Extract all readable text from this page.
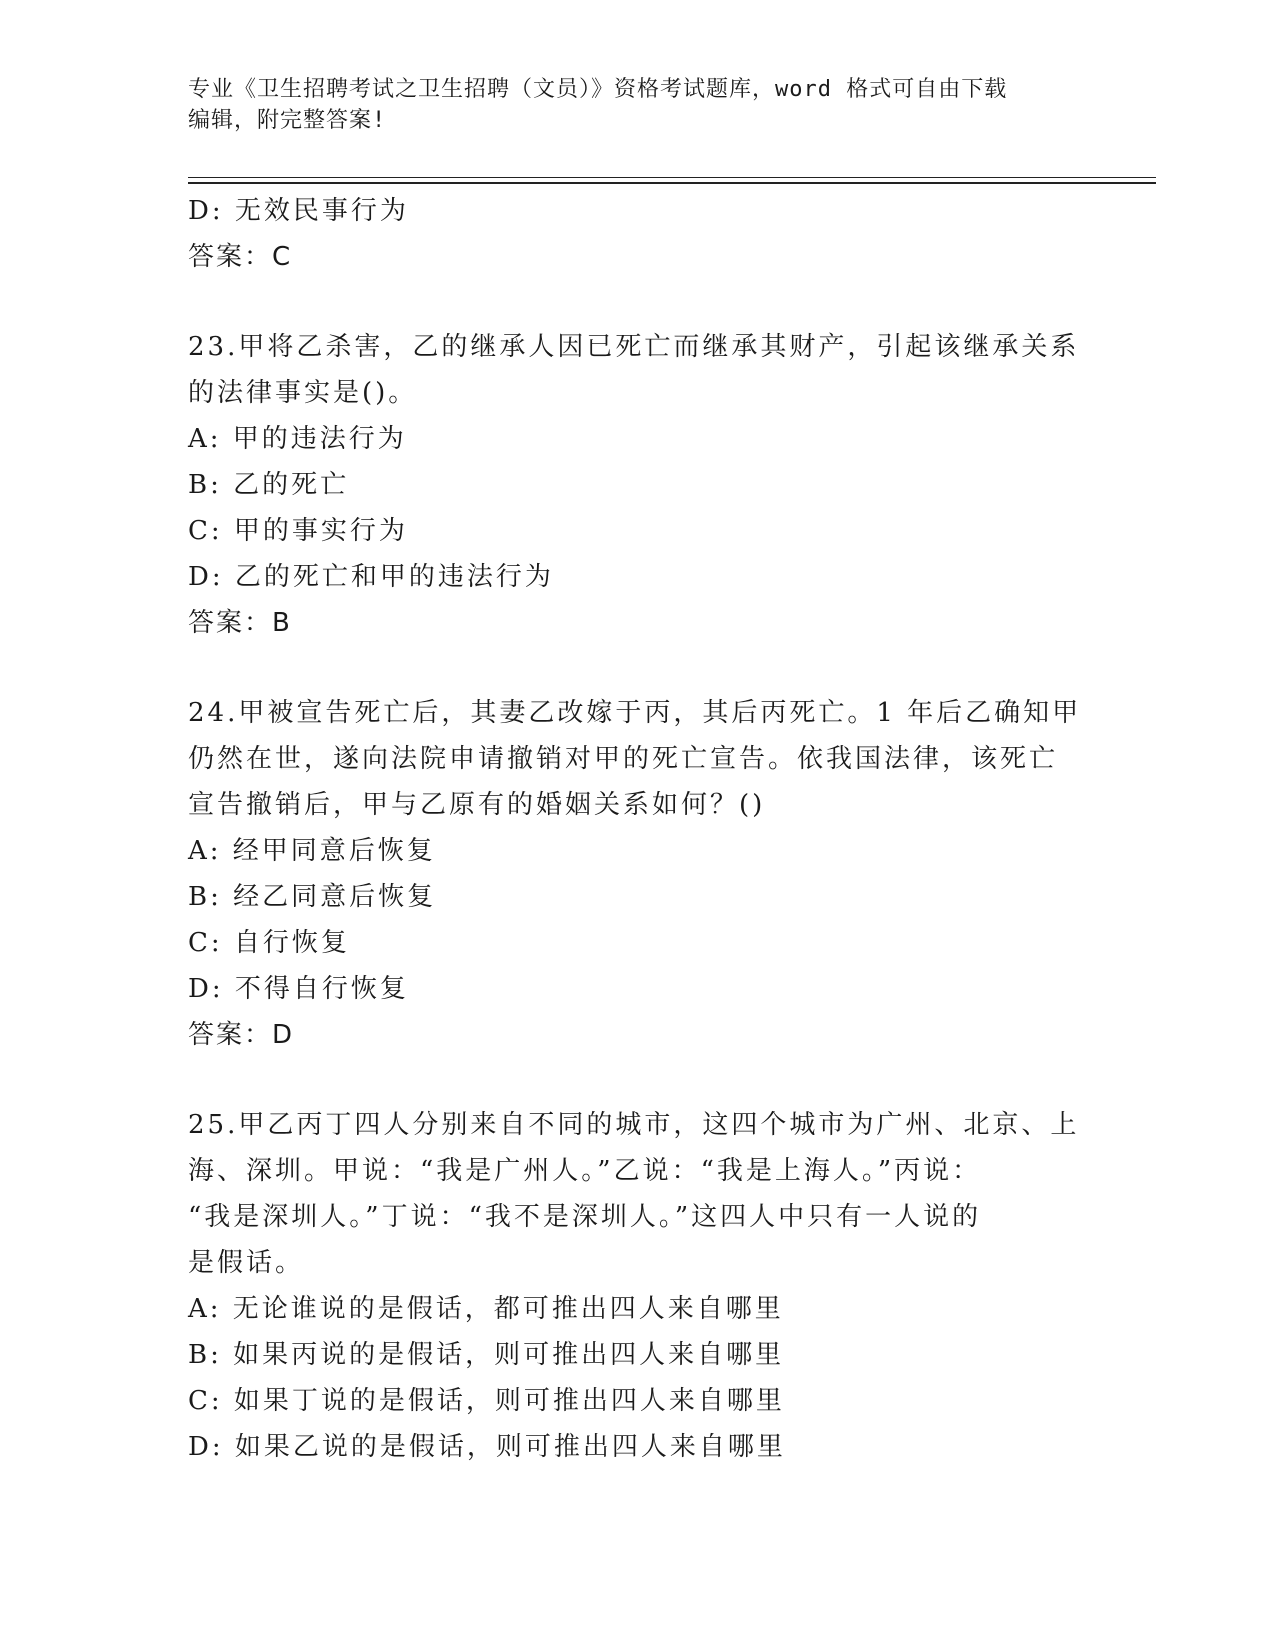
专业《卫生招聘考试之卫生招聘（文员）》资格考试题库，word 格式可自由下载
编辑，附完整答案!
D: 无效民事行为
答案：C
23.甲将乙杀害，乙的继承人因已死亡而继承其财产，引起该继承关系
的法律事实是()。
A: 甲的违法行为
B: 乙的死亡
C: 甲的事实行为
D: 乙的死亡和甲的违法行为
答案：B
24.甲被宣告死亡后，其妻乙改嫁于丙，其后丙死亡。1 年后乙确知甲
仍然在世，遂向法院申请撤销对甲的死亡宣告。依我国法律，该死亡
宣告撤销后，甲与乙原有的婚姻关系如何？()
A: 经甲同意后恢复
B: 经乙同意后恢复
C: 自行恢复
D: 不得自行恢复
答案：D
25.甲乙丙丁四人分别来自不同的城市，这四个城市为广州、北京、上
海、深圳。甲说：“我是广州人。”乙说：“我是上海人。”丙说：
“我是深圳人。”丁说：“我不是深圳人。”这四人中只有一人说的
是假话。
A: 无论谁说的是假话，都可推出四人来自哪里
B: 如果丙说的是假话，则可推出四人来自哪里
C: 如果丁说的是假话，则可推出四人来自哪里
D: 如果乙说的是假话，则可推出四人来自哪里
